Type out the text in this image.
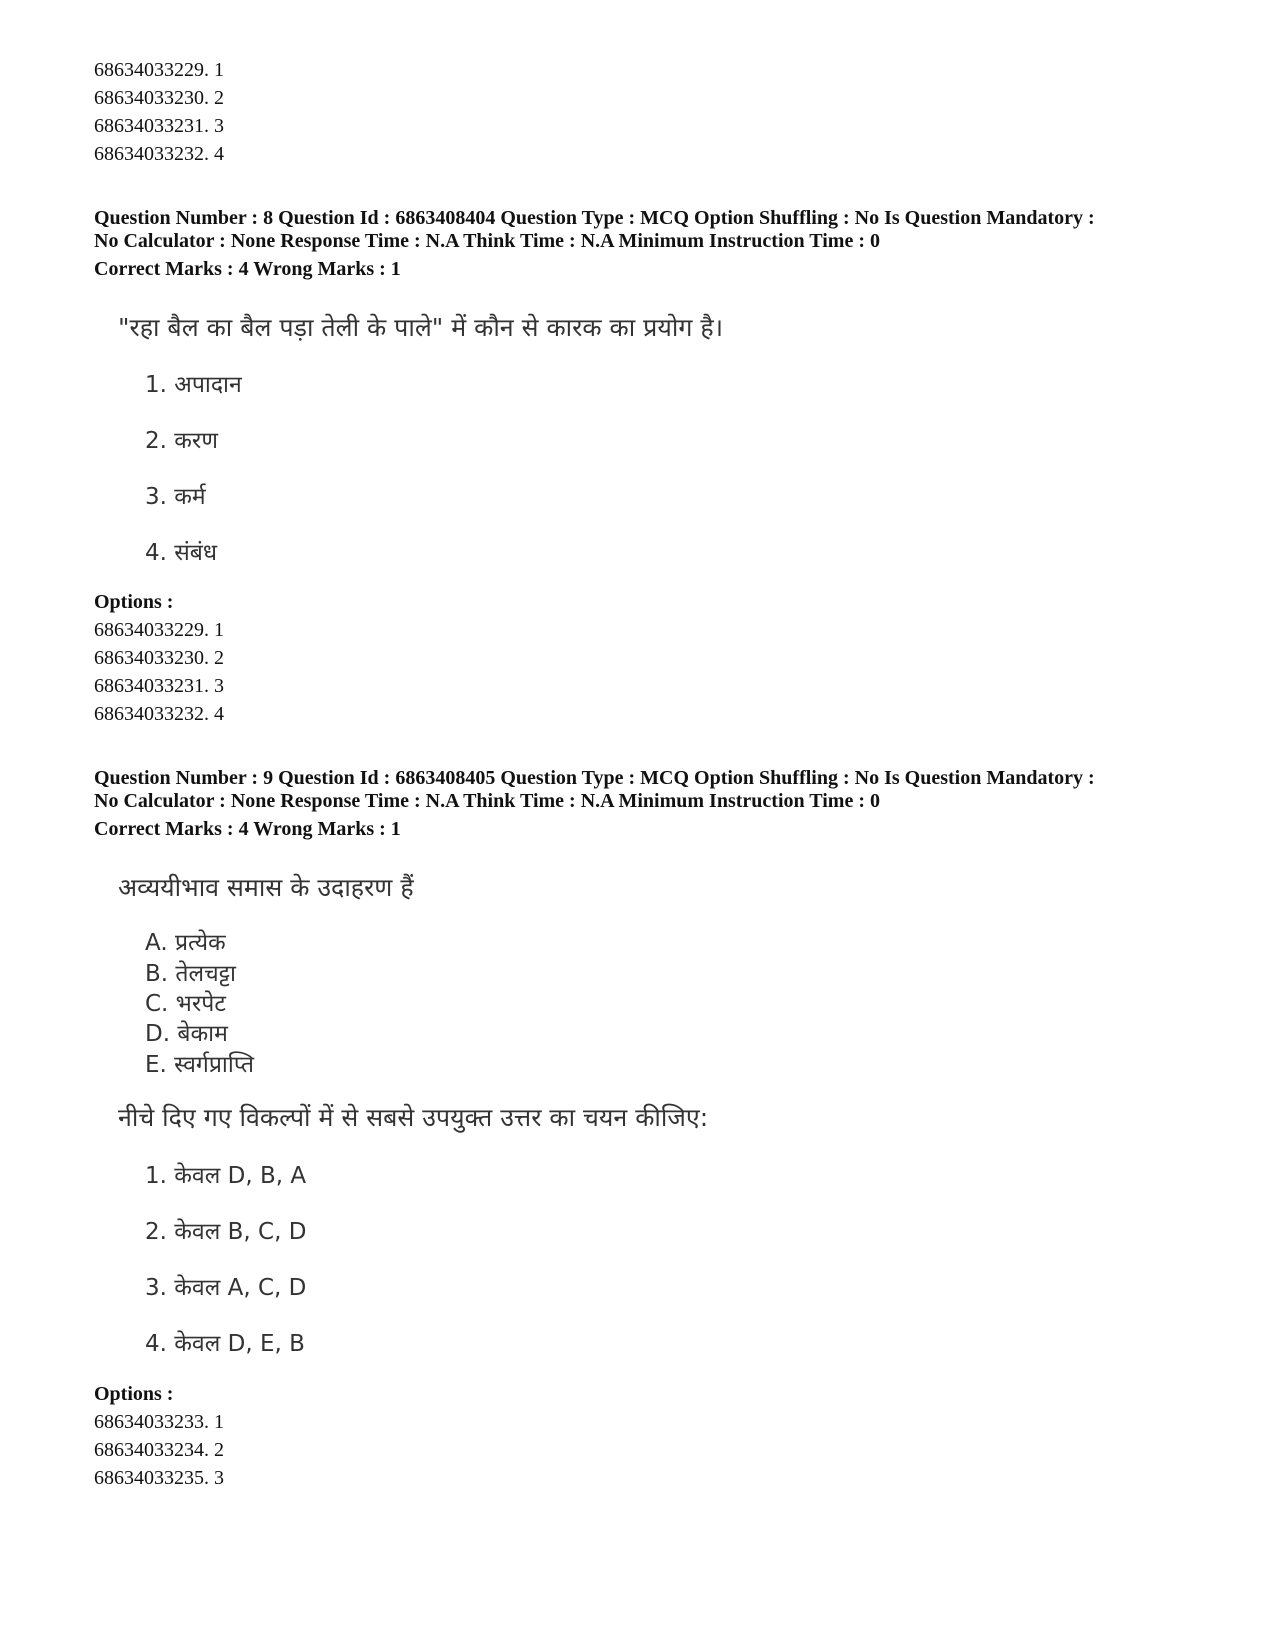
68634033229. 1
68634033230. 2
68634033231. 3
68634033232. 4
Question Number : 8 Question Id : 6863408404 Question Type : MCQ Option Shuffling : No Is Question Mandatory :
No Calculator : None Response Time : N.A Think Time : N.A Minimum Instruction Time : 0
Correct Marks : 4 Wrong Marks : 1
"रहा बैल का बैल पड़ा तेली के पाले" में कौन से कारक का प्रयोग है।
1. अपादान
2. करण
3. कर्म
4. संबंध
Options :
68634033229. 1
68634033230. 2
68634033231. 3
68634033232. 4
Question Number : 9 Question Id : 6863408405 Question Type : MCQ Option Shuffling : No Is Question Mandatory :
No Calculator : None Response Time : N.A Think Time : N.A Minimum Instruction Time : 0
Correct Marks : 4 Wrong Marks : 1
अव्ययीभाव समास के उदाहरण हैं
A. प्रत्येक
B. तेलचट्टा
C. भरपेट
D. बेकाम
E. स्वर्गप्राप्ति
नीचे दिए गए विकल्पों में से सबसे उपयुक्त उत्तर का चयन कीजिए:
1. केवल D, B, A
2. केवल B, C, D
3. केवल A, C, D
4. केवल D, E, B
Options :
68634033233. 1
68634033234. 2
68634033235. 3
